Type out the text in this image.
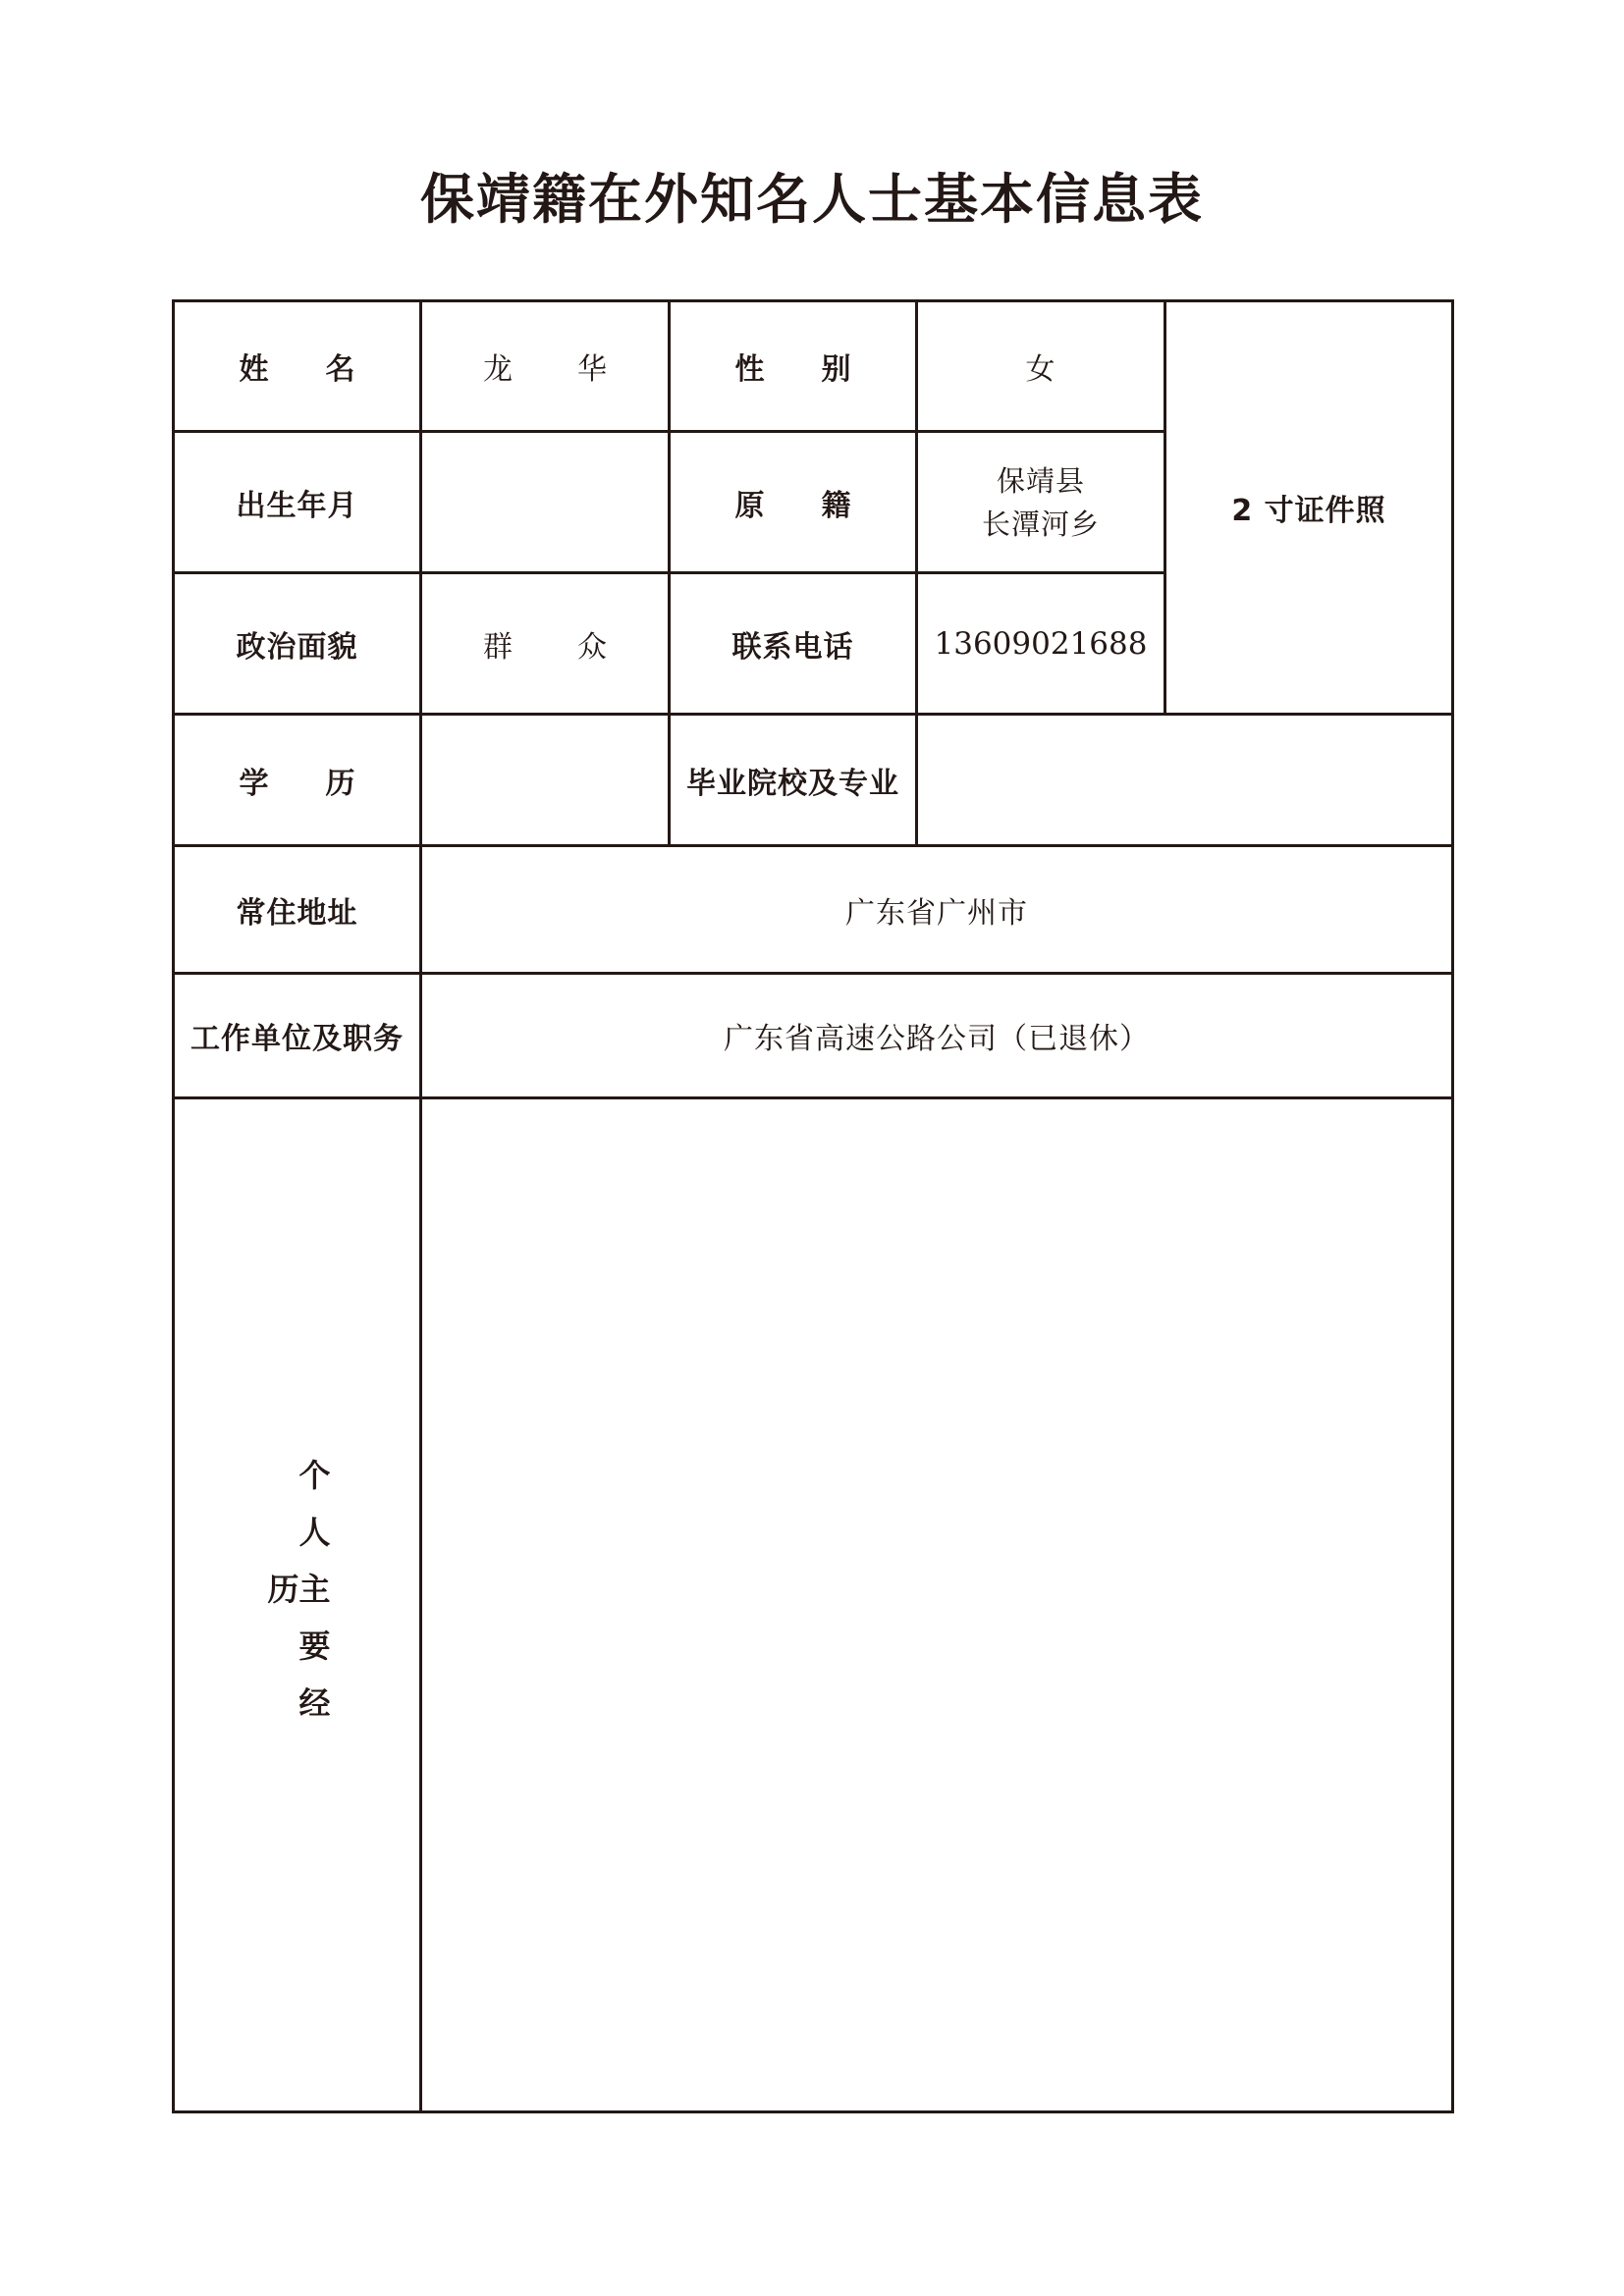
保靖籍在外知名人士基本信息表
姓　名	龙　华	性　别	女	2 寸证件照
出生年月		原　籍	保靖县
长潭河乡	

政治面貌	群　众	联系电话	13609021688	
学　历		毕业院校及专业		
常住地址	广东省广州市			
工作单位及职务	广东省高速公路公司（已退休）			
个人主要经历				
